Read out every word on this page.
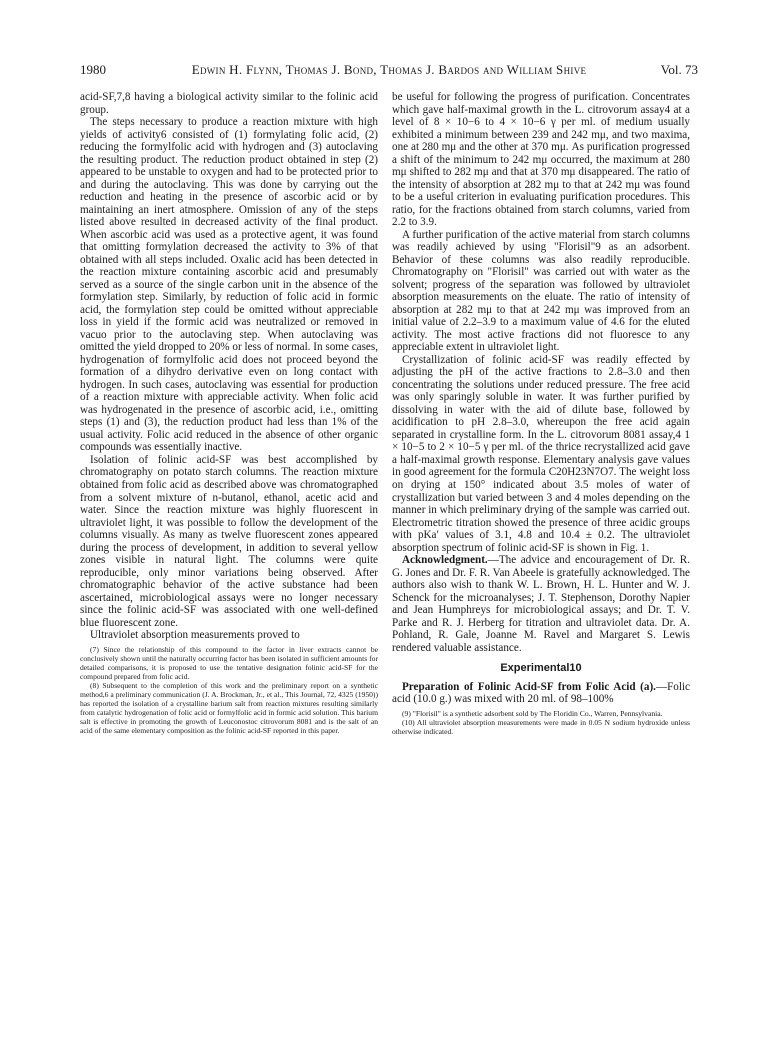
1980	Edwin H. Flynn, Thomas J. Bond, Thomas J. Bardos and William Shive	Vol. 73

acid-SF,7,8 having a biological activity similar to the folinic acid group.

The steps necessary to produce a reaction mixture with high yields of activity6 consisted of (1) formylating folic acid, (2) reducing the formylfolic acid with hydrogen and (3) autoclaving the resulting product. The reduction product obtained in step (2) appeared to be unstable to oxygen and had to be protected prior to and during the autoclaving. This was done by carrying out the reduction and heating in the presence of ascorbic acid or by maintaining an inert atmosphere. Omission of any of the steps listed above resulted in decreased activity of the final product. When ascorbic acid was used as a protective agent, it was found that omitting formylation decreased the activity to 3% of that obtained with all steps included. Oxalic acid has been detected in the reaction mixture containing ascorbic acid and presumably served as a source of the single carbon unit in the absence of the formylation step. Similarly, by reduction of folic acid in formic acid, the formylation step could be omitted without appreciable loss in yield if the formic acid was neutralized or removed in vacuo prior to the autoclaving step. When autoclaving was omitted the yield dropped to 20% or less of normal. In some cases, hydrogenation of formylfolic acid does not proceed beyond the formation of a dihydro derivative even on long contact with hydrogen. In such cases, autoclaving was essential for production of a reaction mixture with appreciable activity. When folic acid was hydrogenated in the presence of ascorbic acid, i.e., omitting steps (1) and (3), the reduction product had less than 1% of the usual activity. Folic acid reduced in the absence of other organic compounds was essentially inactive.

Isolation of folinic acid-SF was best accomplished by chromatography on potato starch columns. The reaction mixture obtained from folic acid as described above was chromatographed from a solvent mixture of n-butanol, ethanol, acetic acid and water. Since the reaction mixture was highly fluorescent in ultraviolet light, it was possible to follow the development of the columns visually. As many as twelve fluorescent zones appeared during the process of development, in addition to several yellow zones visible in natural light. The columns were quite reproducible, only minor variations being observed. After chromatographic behavior of the active substance had been ascertained, microbiological assays were no longer necessary since the folinic acid-SF was associated with one well-defined blue fluorescent zone.

Ultraviolet absorption measurements proved to

(7) Since the relationship of this compound to the factor in liver extracts cannot be conclusively shown until the naturally occurring factor has been isolated in sufficient amounts for detailed comparisons, it is proposed to use the tentative designation folinic acid-SF for the compound prepared from folic acid.
(8) Subsequent to the completion of this work and the preliminary report on a synthetic method,6 a preliminary communication (J. A. Brockman, Jr., et al., This Journal, 72, 4325 (1950)) has reported the isolation of a crystalline barium salt from reaction mixtures resulting similarly from catalytic hydrogenation of folic acid or formylfolic acid in formic acid solution. This barium salt is effective in promoting the growth of Leuconostoc citrovorum 8081 and is the salt of an acid of the same elementary composition as the folinic acid-SF reported in this paper.

be useful for following the progress of purification. Concentrates which gave half-maximal growth in the L. citrovorum assay4 at a level of 8 × 10−6 to 4 × 10−6 γ per ml. of medium usually exhibited a minimum between 239 and 242 mμ, and two maxima, one at 280 mμ and the other at 370 mμ. As purification progressed a shift of the minimum to 242 mμ occurred, the maximum at 280 mμ shifted to 282 mμ and that at 370 mμ disappeared. The ratio of the intensity of absorption at 282 mμ to that at 242 mμ was found to be a useful criterion in evaluating purification procedures. This ratio, for the fractions obtained from starch columns, varied from 2.2 to 3.9.

A further purification of the active material from starch columns was readily achieved by using "Florisil"9 as an adsorbent. Behavior of these columns was also readily reproducible. Chromatography on "Florisil" was carried out with water as the solvent; progress of the separation was followed by ultraviolet absorption measurements on the eluate. The ratio of intensity of absorption at 282 mμ to that at 242 mμ was improved from an initial value of 2.2–3.9 to a maximum value of 4.6 for the eluted activity. The most active fractions did not fluoresce to any appreciable extent in ultraviolet light.

Crystallization of folinic acid-SF was readily effected by adjusting the pH of the active fractions to 2.8–3.0 and then concentrating the solutions under reduced pressure. The free acid was only sparingly soluble in water. It was further purified by dissolving in water with the aid of dilute base, followed by acidification to pH 2.8–3.0, whereupon the free acid again separated in crystalline form. In the L. citrovorum 8081 assay,4 1 × 10−5 to 2 × 10−5 γ per ml. of the thrice recrystallized acid gave a half-maximal growth response. Elementary analysis gave values in good agreement for the formula C20H23N7O7. The weight loss on drying at 150° indicated about 3.5 moles of water of crystallization but varied between 3 and 4 moles depending on the manner in which preliminary drying of the sample was carried out. Electrometric titration showed the presence of three acidic groups with pKa′ values of 3.1, 4.8 and 10.4 ± 0.2. The ultraviolet absorption spectrum of folinic acid-SF is shown in Fig. 1.

Acknowledgment.—The advice and encouragement of Dr. R. G. Jones and Dr. F. R. Van Abeele is gratefully acknowledged. The authors also wish to thank W. L. Brown, H. L. Hunter and W. J. Schenck for the microanalyses; J. T. Stephenson, Dorothy Napier and Jean Humphreys for microbiological assays; and Dr. T. V. Parke and R. J. Herberg for titration and ultraviolet data. Dr. A. Pohland, R. Gale, Joanne M. Ravel and Margaret S. Lewis rendered valuable assistance.

Experimental10

Preparation of Folinic Acid-SF from Folic Acid (a).—Folic acid (10.0 g.) was mixed with 20 ml. of 98–100%

(9) "Florisil" is a synthetic adsorbent sold by The Floridin Co., Warren, Pennsylvania.
(10) All ultraviolet absorption measurements were made in 0.05 N sodium hydroxide unless otherwise indicated.
